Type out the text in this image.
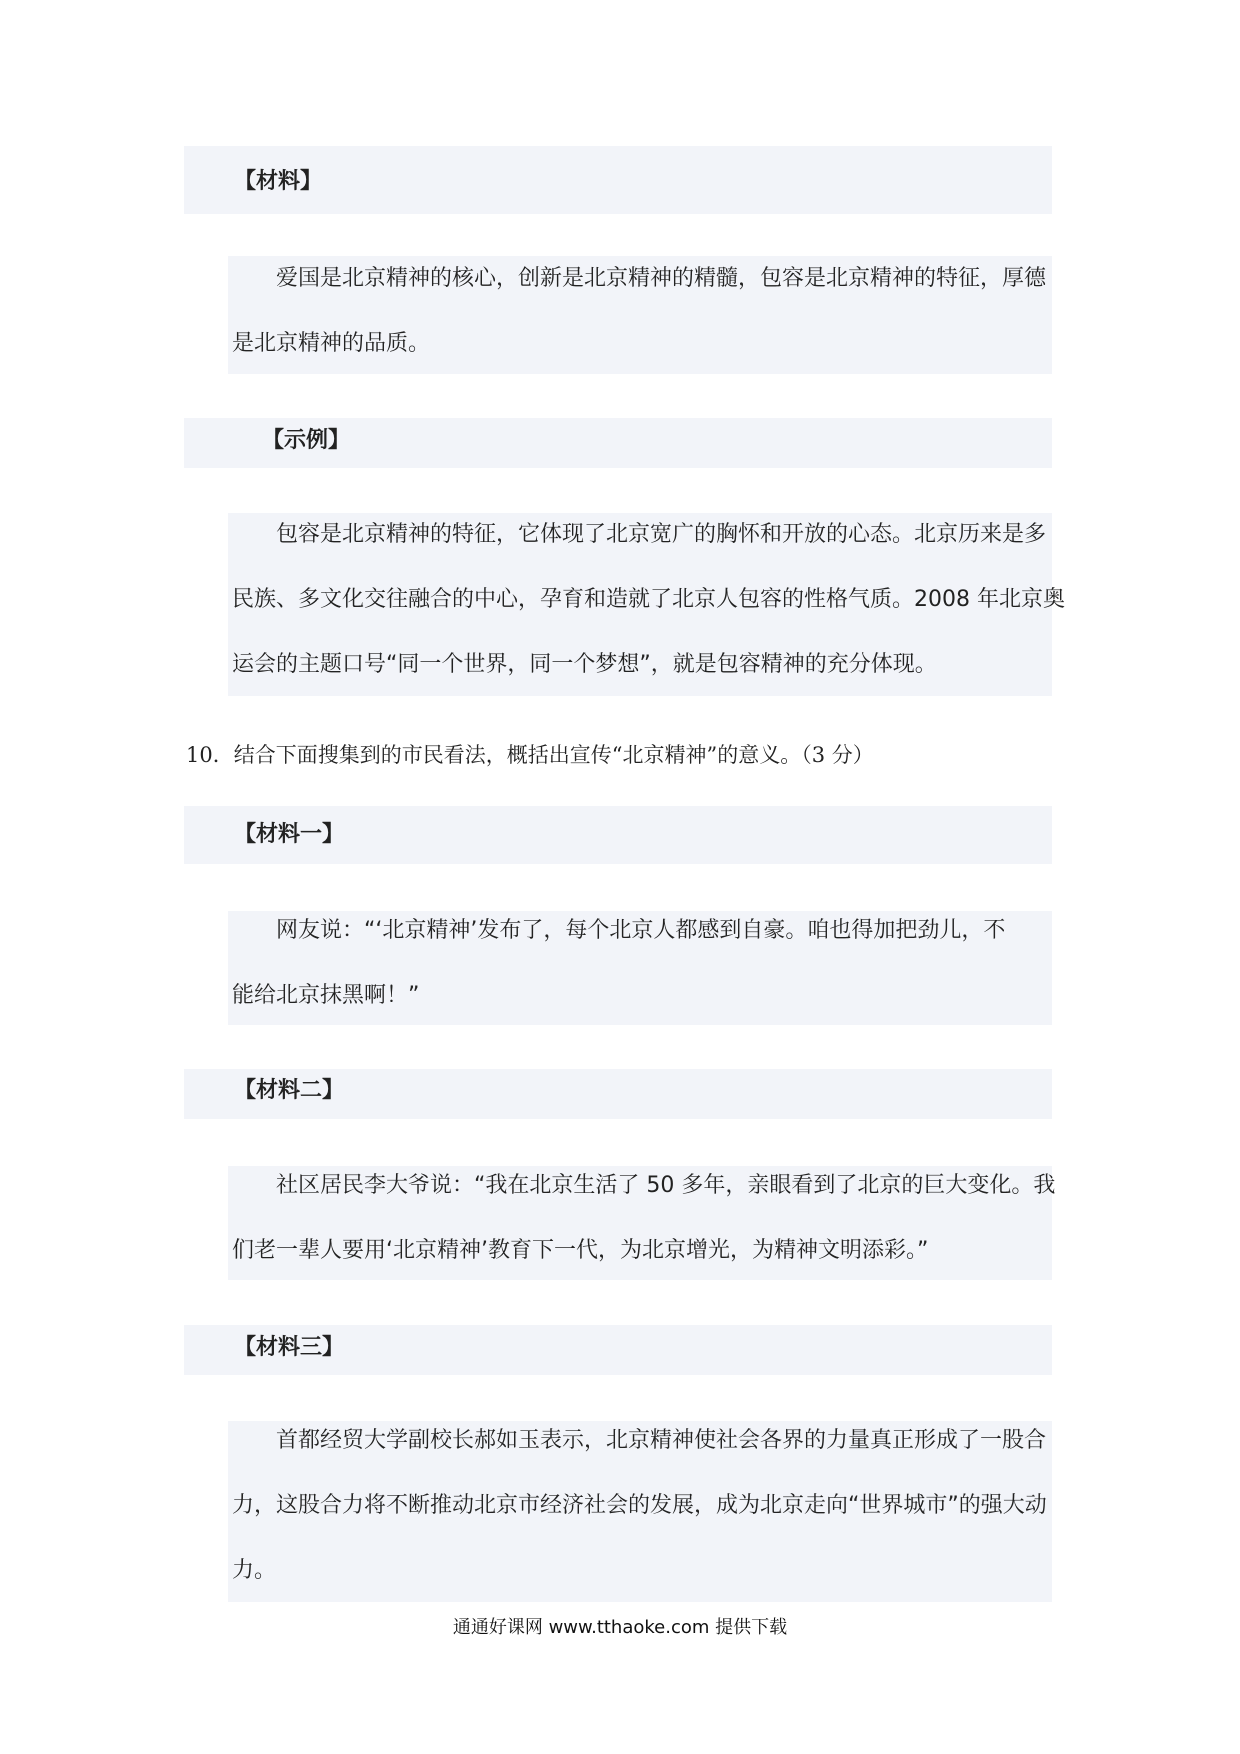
【材料】
　　爱国是北京精神的核心，创新是北京精神的精髓，包容是北京精神的特征，厚德
是北京精神的品质。
【示例】
　　包容是北京精神的特征，它体现了北京宽广的胸怀和开放的心态。北京历来是多
民族、多文化交往融合的中心，孕育和造就了北京人包容的性格气质。2008 年北京奥
运会的主题口号“同一个世界，同一个梦想”，就是包容精神的充分体现。
10．结合下面搜集到的市民看法，概括出宣传“北京精神”的意义。（3 分）
【材料一】
　　网友说：“‘北京精神’发布了，每个北京人都感到自豪。咱也得加把劲儿，不
能给北京抹黑啊！”
【材料二】
　　社区居民李大爷说：“我在北京生活了 50 多年，亲眼看到了北京的巨大变化。我
们老一辈人要用‘北京精神’教育下一代，为北京增光，为精神文明添彩。”
【材料三】
　　首都经贸大学副校长郝如玉表示，北京精神使社会各界的力量真正形成了一股合
力，这股合力将不断推动北京市经济社会的发展，成为北京走向“世界城市”的强大动
力。
通通好课网 www.tthaoke.com 提供下载
